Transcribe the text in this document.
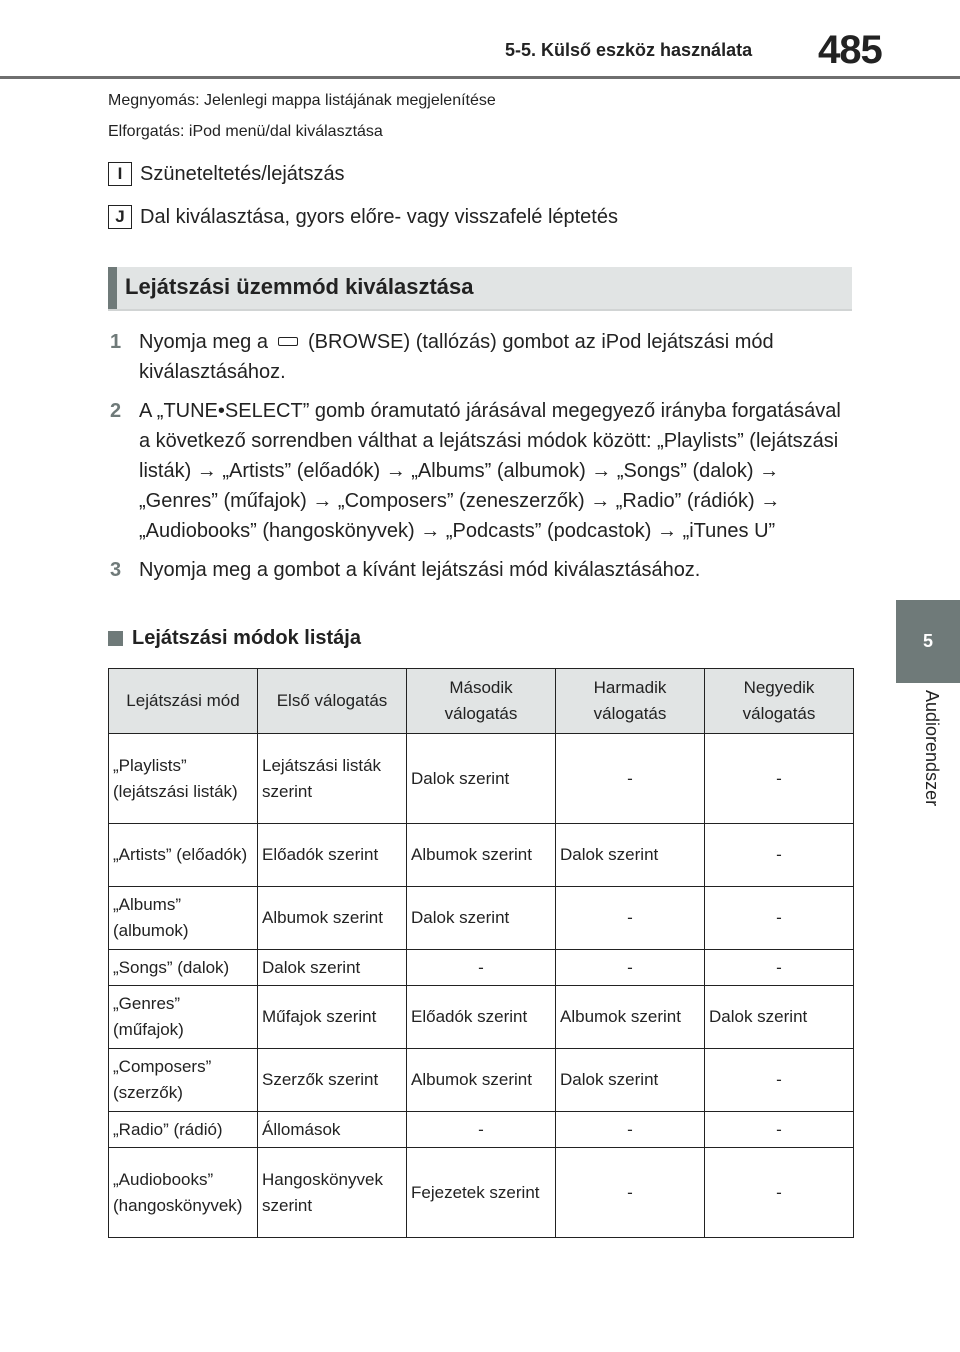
5-5. Külső eszköz használata 485
5
Audiorendszer
Megnyomás: Jelenlegi mappa listájának megjelenítése
Elforgatás: iPod menü/dal kiválasztása
I Szüneteltetés/lejátszás
J Dal kiválasztása, gyors előre- vagy visszafelé léptetés
Lejátszási üzemmód kiválasztása
1 Nyomja meg a (BROWSE) (tallózás) gombot az iPod lejátszási mód kiválasztásához.
2 A „TUNE•SELECT” gomb óramutató járásával megegyező irányba forgatásával a következő sorrendben válthat a lejátszási módok között: „Playlists” (lejátszási listák) → „Artists” (előadók) → „Albums” (albumok) → „Songs” (dalok) → „Genres” (műfajok) → „Composers” (zeneszerzők) → „Radio” (rádiók) → „Audiobooks” (hangoskönyvek) → „Podcasts” (podcastok) → „iTunes U”
3 Nyomja meg a gombot a kívánt lejátszási mód kiválasztásához.
Lejátszási módok listája
Lejátszási mód	Első válogatás	Második válogatás	Harmadik válogatás	Negyedik válogatás
„Playlists” (lejátszási listák)	Lejátszási listák szerint	Dalok szerint	-	-
„Artists” (előadók)	Előadók szerint	Albumok szerint	Dalok szerint	-
„Albums” (albumok)	Albumok szerint	Dalok szerint	-	-
„Songs” (dalok)	Dalok szerint	-	-	-
„Genres” (műfajok)	Műfajok szerint	Előadók szerint	Albumok szerint	Dalok szerint
„Composers” (szerzők)	Szerzők szerint	Albumok szerint	Dalok szerint	-
„Radio” (rádió)	Állomások	-	-	-
„Audiobooks” (hangoskönyvek)	Hangoskönyvek szerint	Fejezetek szerint	-	-
